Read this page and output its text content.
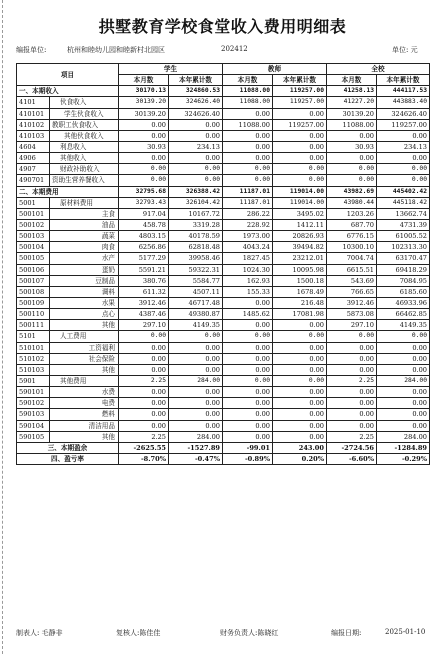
拱墅教育学校食堂收入费用明细表
编报单位:	杭州和睦幼儿园和睦新村北园区	202412	单位: 元
项目		学生		教师		全校	
		本月数	本年累计数	本月数	本年累计数	本月数	本年累计数
一、本期收入		30170.13	324860.53	11088.00	119257.00	41258.13	444117.53
4101	伙食收入	30139.20	324626.40	11088.00	119257.00	41227.20	443883.40
410101	学生伙食收入	30139.20	324626.40	0.00	0.00	30139.20	324626.40
410102	教职工伙食收入	0.00	0.00	11088.00	119257.00	11088.00	119257.00
410103	其他伙食收入	0.00	0.00	0.00	0.00	0.00	0.00
4604	利息收入	30.93	234.13	0.00	0.00	30.93	234.13
4906	其他收入	0.00	0.00	0.00	0.00	0.00	0.00
4907	财政补助收入	0.00	0.00	0.00	0.00	0.00	0.00
490701	资助生营养餐收入	0.00	0.00	0.00	0.00	0.00	0.00
二、本期费用		32795.68	326388.42	11187.01	119014.00	43982.69	445402.42
5001	原材料费用	32793.43	326104.42	11187.01	119014.00	43980.44	445118.42
500101	主食	917.04	10167.72	286.22	3495.02	1203.26	13662.74
500102	油品	458.78	3319.28	228.92	1412.11	687.70	4731.39
500103	蔬菜	4803.15	40178.59	1973.00	20826.93	6776.15	61005.52
500104	肉食	6256.86	62818.48	4043.24	39494.82	10300.10	102313.30
500105	水产	5177.29	39958.46	1827.45	23212.01	7004.74	63170.47
500106	蛋奶	5591.21	59322.31	1024.30	10095.98	6615.51	69418.29
500107	豆制品	380.76	5584.77	162.93	1500.18	543.69	7084.95
500108	调料	611.32	4507.11	155.33	1678.49	766.65	6185.60
500109	水果	3912.46	46717.48	0.00	216.48	3912.46	46933.96
500110	点心	4387.46	49380.87	1485.62	17081.98	5873.08	66462.85
500111	其他	297.10	4149.35	0.00	0.00	297.10	4149.35
5101	人工费用	0.00	0.00	0.00	0.00	0.00	0.00
510101	工资福利	0.00	0.00	0.00	0.00	0.00	0.00
510102	社会保险	0.00	0.00	0.00	0.00	0.00	0.00
510103	其他	0.00	0.00	0.00	0.00	0.00	0.00
5901	其他费用	2.25	284.00	0.00	0.00	2.25	284.00
590101	水费	0.00	0.00	0.00	0.00	0.00	0.00
590102	电费	0.00	0.00	0.00	0.00	0.00	0.00
590103	燃料	0.00	0.00	0.00	0.00	0.00	0.00
590104	清洁用品	0.00	0.00	0.00	0.00	0.00	0.00
590105	其他	2.25	284.00	0.00	0.00	2.25	284.00
三、本期盈余		-2625.55	-1527.89	-99.01	243.00	-2724.56	-1284.89
四、盈亏率		-8.70%	-0.47%	-0.89%	0.20%	-6.60%	-0.29%
制表人: 毛静非	复核人:陈佳佳	财务负责人:陈晓红	编报日期:	2025-01-10
